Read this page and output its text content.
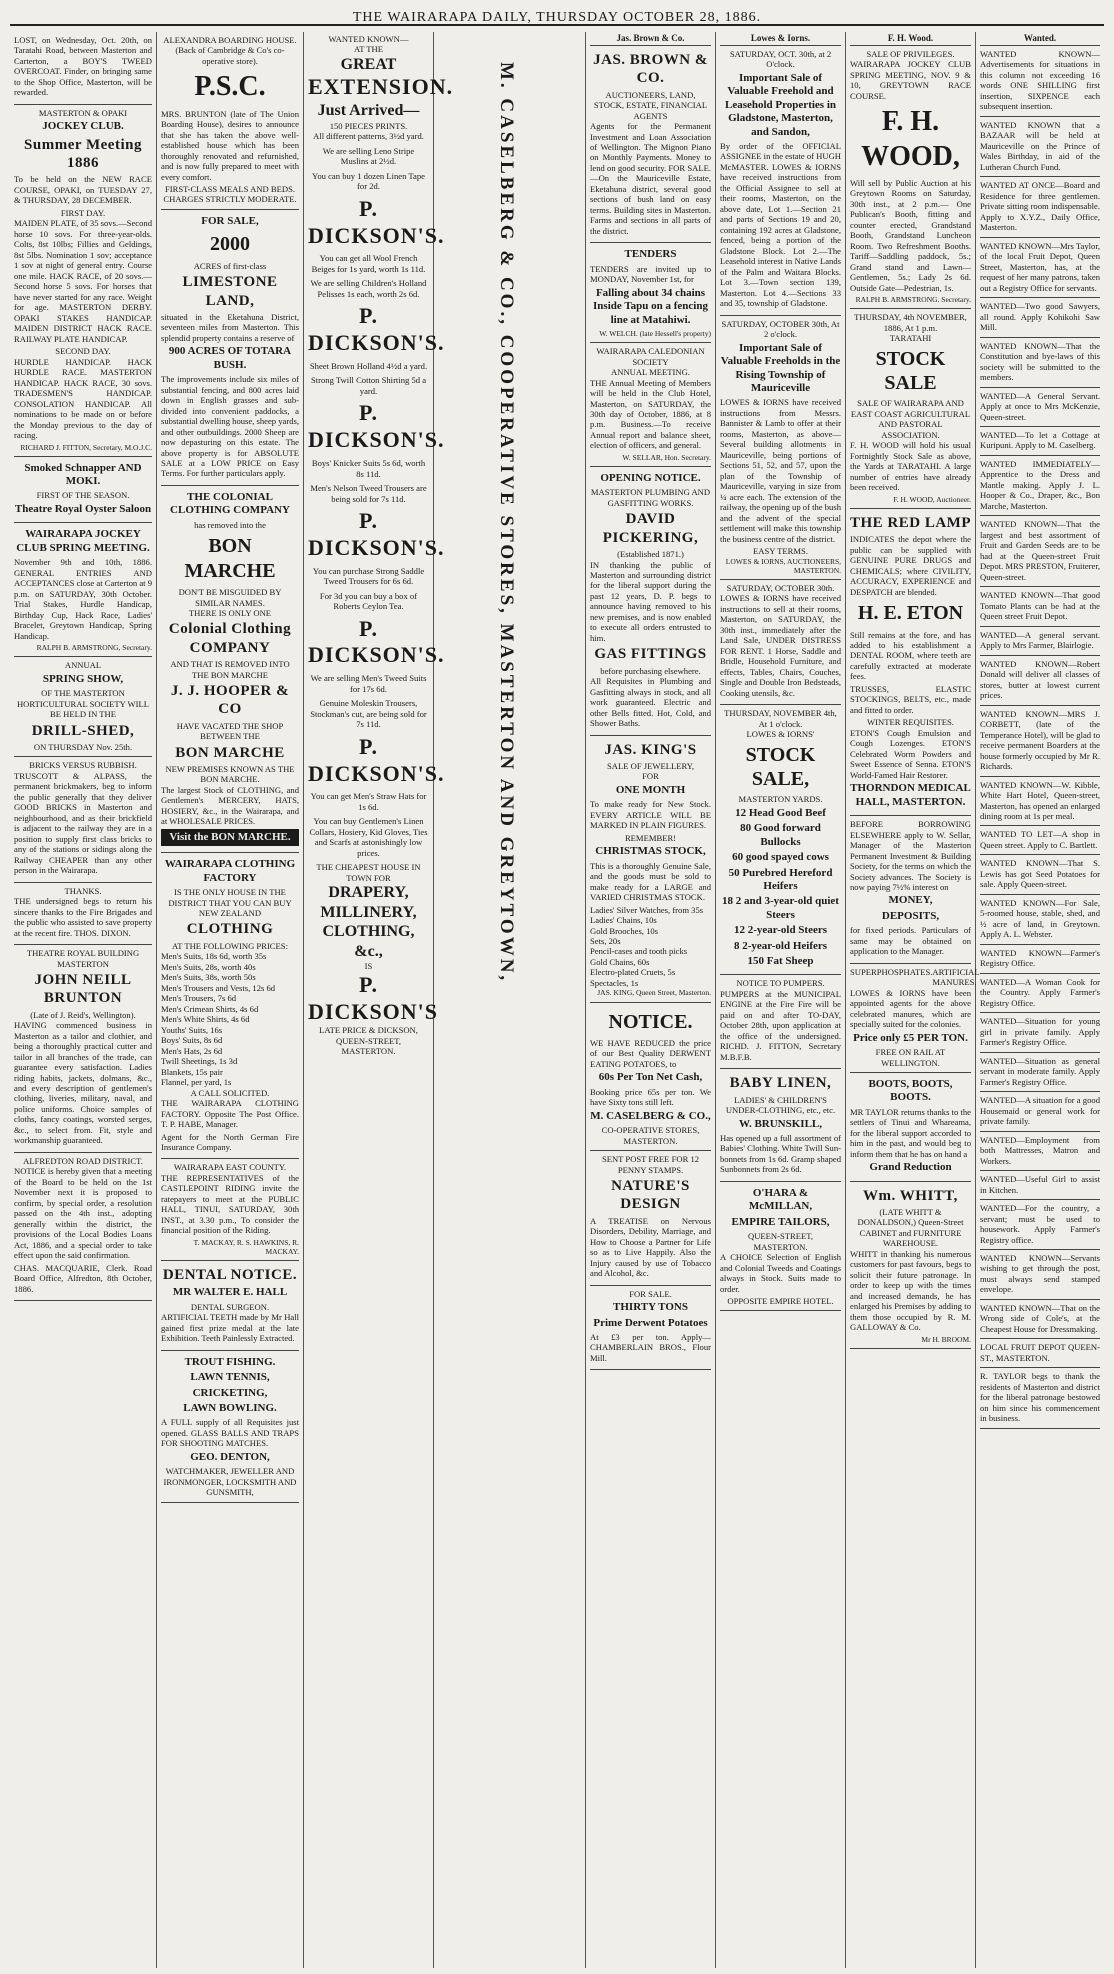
THE WAIRARAPA DAILY, THURSDAY OCTOBER 28, 1886.

LOST, on Wednesday, Oct. 20th, on Taratahi Road, between Masterton and Carterton, a BOY'S TWEED OVERCOAT. Finder, on bringing same to the Shop Office, Masterton, will be rewarded.

MASTERTON & OPAKI
JOCKEY CLUB.
Summer Meeting 1886

To be held on the NEW RACE COURSE, OPAKI, on TUESDAY 27, & THURSDAY, 28 DECEMBER.

FIRST DAY.

MAIDEN PLATE, of 35 sovs.—Second horse 10 sovs. For three-year-olds. Colts, 8st 10lbs; Fillies and Geldings, 8st 5lbs. Nomination 1 sov; acceptance 1 sov at night of general entry. Course one mile. HACK RACE, of 20 sovs.—Second horse 5 sovs. For horses that have never started for any race. Weight for age. MASTERTON DERBY. OPAKI STAKES HANDICAP. MAIDEN DISTRICT HACK RACE. RAILWAY PLATE HANDICAP.

SECOND DAY.

HURDLE HANDICAP. HACK HURDLE RACE. MASTERTON HANDICAP. HACK RACE, 30 sovs. TRADESMEN'S HANDICAP. CONSOLATION HANDICAP. All nominations to be made on or before the Monday previous to the day of racing.

RICHARD J. FITTON, Secretary, M.O.J.C.
Smoked Schnapper AND MOKI.
FIRST OF THE SEASON.
Theatre Royal Oyster Saloon
WAIRARAPA JOCKEY CLUB SPRING MEETING.

November 9th and 10th, 1886. GENERAL ENTRIES AND ACCEPTANCES close at Carterton at 9 p.m. on SATURDAY, 30th October. Trial Stakes, Hurdle Handicap, Birthday Cup, Hack Race, Ladies' Bracelet, Greytown Handicap, Spring Handicap.

RALPH B. ARMSTRONG, Secretary.
ANNUAL
SPRING SHOW,
OF THE MASTERTON HORTICULTURAL SOCIETY WILL BE HELD IN THE
DRILL-SHED,
ON THURSDAY Nov. 25th.
BRICKS VERSUS RUBBISH.

TRUSCOTT & ALPASS, the permanent brickmakers, beg to inform the public generally that they deliver GOOD BRICKS in Masterton and neighbourhood, and as their brickfield is adjacent to the railway they are in a position to supply first class bricks to any of the stations or sidings along the Railway CHEAPER than any other person in the Wairarapa.

THANKS.

THE undersigned begs to return his sincere thanks to the Fire Brigades and the public who assisted to save property at the recent fire. THOS. DIXON.

THEATRE ROYAL BUILDING MASTERTON
JOHN NEILL BRUNTON
(Late of J. Reid's, Wellington).

HAVING commenced business in Masterton as a tailor and clothier, and being a thoroughly practical cutter and tailor in all branches of the trade, can guarantee every satisfaction. Ladies riding habits, jackets, dolmans, &c., and every description of gentlemen's clothing, liveries, military, naval, and police uniforms. Choice samples of cloths, fancy coatings, worsted serges, &c., to select from. Fit, style and workmanship guaranteed.

ALFREDTON ROAD DISTRICT.

NOTICE is hereby given that a meeting of the Board to be held on the 1st November next it is proposed to confirm, by special order, a resolution passed on the 4th inst., adopting generally within the district, the provisions of the Local Bodies Loans Act, 1886, and a special order to take effect upon the said confirmation.

CHAS. MACQUARIE, Clerk. Road Board Office, Alfredton, 8th October, 1886.

ALEXANDRA BOARDING HOUSE.
(Back of Cambridge & Co's co-operative store).
P.S.C.

MRS. BRUNTON (late of The Union Boarding House), desires to announce that she has taken the above well-established house which has been thoroughly renovated and refurnished, and is now fully prepared to meet with every comfort.

FIRST-CLASS MEALS AND BEDS.
CHARGES STRICTLY MODERATE.
FOR SALE,
2000
ACRES of first-class
LIMESTONE LAND,

situated in the Eketahuna District, seventeen miles from Masterton. This splendid property contains a reserve of

900 ACRES OF TOTARA BUSH.

The improvements include six miles of substantial fencing, and 800 acres laid down in English grasses and sub-divided into convenient paddocks, a substantial dwelling house, sheep yards, and other outbuildings. 2000 Sheep are now depasturing on this estate. The above property is for ABSOLUTE SALE at a LOW PRICE on Easy Terms. For further particulars apply.

THE COLONIAL CLOTHING COMPANY
has removed into the
BON MARCHE
DON'T BE MISGUIDED BY SIMILAR NAMES.
THERE IS ONLY ONE
Colonial Clothing COMPANY
AND THAT IS REMOVED INTO THE BON MARCHE
J. J. HOOPER & CO
HAVE VACATED THE SHOP BETWEEN THE
BON MARCHE
NEW PREMISES KNOWN AS THE BON MARCHE.

The largest Stock of CLOTHING, and Gentlemen's MERCERY, HATS, HOSIERY, &c., in the Wairarapa, and at WHOLESALE PRICES.

Visit the BON MARCHE.
WAIRARAPA CLOTHING FACTORY
IS THE ONLY HOUSE IN THE DISTRICT THAT YOU CAN BUY NEW ZEALAND
CLOTHING
AT THE FOLLOWING PRICES:
Men's Suits, 18s 6d, worth 35s
Men's Suits, 28s, worth 40s
Men's Suits, 38s, worth 50s
Men's Trousers and Vests, 12s 6d
Men's Trousers, 7s 6d
Men's Crimean Shirts, 4s 6d
Men's White Shirts, 4s 6d
Youths' Suits, 16s
Boys' Suits, 8s 6d
Men's Hats, 2s 6d
Twill Sheetings, 1s 3d
Blankets, 15s pair
Flannel, per yard, 1s
A CALL SOLICITED.

THE WAIRARAPA CLOTHING FACTORY. Opposite The Post Office. T. P. HABE, Manager.

Agent for the North German Fire Insurance Company.

WAIRARAPA EAST COUNTY.

THE REPRESENTATIVES of the CASTLEPOINT RIDING invite the ratepayers to meet at the PUBLIC HALL, TINUI, SATURDAY, 30th INST., at 3.30 p.m., To consider the financial position of the Riding.

T. MACKAY, R. S. HAWKINS, R. MACKAY.
DENTAL NOTICE.
MR WALTER E. HALL
DENTAL SURGEON.

ARTIFICIAL TEETH made by Mr Hall gained first prize medal at the late Exhibition. Teeth Painlessly Extracted.

TROUT FISHING.
LAWN TENNIS,
CRICKETING,
LAWN BOWLING.

A FULL supply of all Requisites just opened. GLASS BALLS AND TRAPS FOR SHOOTING MATCHES.

GEO. DENTON,
WATCHMAKER, JEWELLER AND IRONMONGER, LOCKSMITH AND GUNSMITH,
WANTED KNOWN—
AT THE
GREAT
EXTENSION.
Just Arrived—
150 PIECES PRINTS.
All different patterns, 3½d yard.
We are selling Leno Stripe Muslins at 2½d.
You can buy 1 dozen Linen Tape for 2d.
P. DICKSON'S.
You can get all Wool French Beiges for 1s yard, worth 1s 11d.
We are selling Children's Holland Pelisses 1s each, worth 2s 6d.
P. DICKSON'S.
Sheet Brown Holland 4½d a yard.
Strong Twill Cotton Shirting 5d a yard.
P. DICKSON'S.
Boys' Knicker Suits 5s 6d, worth 8s 11d.
Men's Nelson Tweed Trousers are being sold for 7s 11d.
P. DICKSON'S.
You can purchase Strong Saddle Tweed Trousers for 6s 6d.
For 3d you can buy a box of Roberts Ceylon Tea.
P. DICKSON'S.
We are selling Men's Tweed Suits for 17s 6d.
Genuine Moleskin Trousers, Stockman's cut, are being sold for 7s 11d.
P. DICKSON'S.
You can get Men's Straw Hats for 1s 6d.
You can buy Gentlemen's Linen Collars, Hosiery, Kid Gloves, Ties and Scarfs at astonishingly low prices.
THE CHEAPEST HOUSE IN TOWN FOR
DRAPERY,
MILLINERY,
CLOTHING, &c.,
IS
P. DICKSON'S
LATE PRICE & DICKSON, QUEEN-STREET, MASTERTON.
M. CASELBERG & CO., COOPERATIVE STORES, MASTERTON AND GREYTOWN,
Jas. Brown & Co.
JAS. BROWN & CO.
AUCTIONEERS, LAND, STOCK, ESTATE, FINANCIAL AGENTS

Agents for the Permanent Investment and Loan Association of Wellington. The Mignon Piano on Monthly Payments. Money to lend on good security. FOR SALE.—On the Mauriceville Estate, Eketahuna district, several good sections of bush land on easy terms. Building sites in Masterton. Farms and sections in all parts of the district.

TENDERS

TENDERS are invited up to MONDAY, November 1st, for

Falling about 34 chains Inside Tapu on a fencing line at Matahiwi.
W. WELCH. (late Hessell's property)
WAIRARAPA CALEDONIAN SOCIETY
ANNUAL MEETING.

THE Annual Meeting of Members will be held in the Club Hotel, Masterton, on SATURDAY, the 30th day of October, 1886, at 8 p.m. Business.—To receive Annual report and balance sheet, election of officers, and general.

W. SELLAR, Hon. Secretary.
OPENING NOTICE.
MASTERTON PLUMBING AND GASFITTING WORKS.
DAVID PICKERING,
(Established 1871.)

IN thanking the public of Masterton and surrounding district for the liberal support during the past 12 years, D. P. begs to announce having removed to his new premises, and is now enabled to execute all orders entrusted to him.

GAS FITTINGS
before purchasing elsewhere.

All Requisites in Plumbing and Gasfitting always in stock, and all work guaranteed. Electric and other Bells fitted. Hot, Cold, and Shower Baths.

JAS. KING'S
SALE OF JEWELLERY,
FOR
ONE MONTH

To make ready for New Stock. EVERY ARTICLE WILL BE MARKED IN PLAIN FIGURES.

REMEMBER!
CHRISTMAS STOCK,

This is a thoroughly Genuine Sale, and the goods must be sold to make ready for a LARGE and VARIED CHRISTMAS STOCK.

Ladies' Silver Watches, from 35s
Ladies' Chains, 10s
Gold Brooches, 10s
Sets, 20s
Pencil-cases and tooth picks
Gold Chains, 60s
Electro-plated Cruets, 5s
Spectacles, 1s
JAS. KING, Queen Street, Masterton.
NOTICE.

WE HAVE REDUCED the price of our Best Quality DERWENT EATING POTATOES, to

60s Per Ton Net Cash,

Booking price 65s per ton. We have Sixty tons still left.

M. CASELBERG & CO.,
CO-OPERATIVE STORES, MASTERTON.
SENT POST FREE FOR 12 PENNY STAMPS.
NATURE'S DESIGN

A TREATISE on Nervous Disorders, Debility, Marriage, and How to Choose a Partner for Life so as to Live Happily. Also the Injury caused by use of Tobacco and Alcohol, &c.

FOR SALE.
THIRTY TONS
Prime Derwent Potatoes

At £3 per ton. Apply— CHAMBERLAIN BROS., Flour Mill.

Lowes & Iorns.
SATURDAY, OCT. 30th, at 2 O'clock.
Important Sale of Valuable Freehold and Leasehold Properties in Gladstone, Masterton, and Sandon,

By order of the OFFICIAL ASSIGNEE in the estate of HUGH McMASTER. LOWES & IORNS have received instructions from the Official Assignee to sell at their rooms, Masterton, on the above date, Lot 1.—Section 21 and parts of Sections 19 and 20, containing 192 acres at Gladstone, fenced, being a portion of the Gladstone Block. Lot 2.—The Leasehold interest in Native Lands of the Palm and Waitara Blocks. Lot 3.—Town section 139, Masterton. Lot 4.—Sections 33 and 35, township of Gladstone.

SATURDAY, OCTOBER 30th, At 2 o'clock.
Important Sale of Valuable Freeholds in the Rising Township of Mauriceville

LOWES & IORNS have received instructions from Messrs. Bannister & Lamb to offer at their rooms, Masterton, as above— Several building allotments in Mauriceville, being portions of Sections 51, 52, and 57, upon the plan of the Township of Mauriceville, varying in size from ¼ acre each. The extension of the railway, the opening up of the bush and the advent of the special settlement will make this township the business centre of the district.

EASY TERMS.
LOWES & IORNS, AUCTIONEERS, MASTERTON.
SATURDAY, OCTOBER 30th.

LOWES & IORNS have received instructions to sell at their rooms, Masterton, on SATURDAY, the 30th inst., immediately after the Land Sale, UNDER DISTRESS FOR RENT. 1 Horse, Saddle and Bridle, Household Furniture, and effects, Tables, Chairs, Couches, Single and Double Iron Bedsteads, Cooking utensils, &c.

THURSDAY, NOVEMBER 4th, At 1 o'clock.
LOWES & IORNS'
STOCK SALE,
MASTERTON YARDS.
12 Head Good Beef
80 Good forward Bullocks
60 good spayed cows
50 Purebred Hereford Heifers
18 2 and 3-year-old quiet Steers
12 2-year-old Steers
8 2-year-old Heifers
150 Fat Sheep
NOTICE TO PUMPERS.

PUMPERS at the MUNICIPAL ENGINE at the Fire Fire will be paid on and after TO-DAY, October 28th, upon application at the office of the undersigned. RICHD. J. FITTON, Secretary M.B.F.B.

BABY LINEN,
LADIES' & CHILDREN'S UNDER-CLOTHING, etc., etc.
W. BRUNSKILL,

Has opened up a full assortment of Babies' Clothing. White Twill Sun-bonnets from 1s 6d. Gramp shaped Sunbonnets from 2s 6d.

O'HARA & McMILLAN,
EMPIRE TAILORS,
QUEEN-STREET, MASTERTON.

A CHOICE Selection of English and Colonial Tweeds and Coatings always in Stock. Suits made to order.

OPPOSITE EMPIRE HOTEL.
F. H. Wood.
SALE OF PRIVILEGES.

WAIRARAPA JOCKEY CLUB SPRING MEETING, NOV. 9 & 10, GREYTOWN RACE COURSE.

F. H. WOOD,

Will sell by Public Auction at his Greytown Rooms on Saturday, 30th inst., at 2 p.m.— One Publican's Booth, fitting and counter erected, Grandstand Booth, Grandstand Luncheon Room. Two Refreshment Booths. Tariff—Saddling paddock, 5s.; Grand stand and Lawn—Gentlemen, 5s.; Lady 2s 6d. Outside Gate—Pedestrian, 1s.

RALPH B. ARMSTRONG. Secretary.
THURSDAY, 4th NOVEMBER, 1886, At 1 p.m.
TARATAHI
STOCK SALE
SALE OF WAIRARAPA AND EAST COAST AGRICULTURAL AND PASTORAL ASSOCIATION.

F. H. WOOD will hold his usual Fortnightly Stock Sale as above, the Yards at TARATAHI. A large number of entries have already been received.

F. H. WOOD, Auctioneer.
THE RED LAMP

INDICATES the depot where the public can be supplied with GENUINE PURE DRUGS and CHEMICALS; where CIVILITY, ACCURACY, EXPERIENCE and DESPATCH are blended.

H. E. ETON

Still remains at the fore, and has added to his establishment a DENTAL ROOM, where teeth are carefully extracted at moderate fees.

TRUSSES, ELASTIC STOCKINGS, BELTS, etc., made and fitted to order.

WINTER REQUISITES.

ETON'S Cough Emulsion and Cough Lozenges. ETON'S Celebrated Worm Powders and Sweet Essence of Senna. ETON'S World-Famed Hair Restorer.

THORNDON MEDICAL HALL, MASTERTON.

BEFORE BORROWING ELSEWHERE apply to W. Sellar, Manager of the Masterton Permanent Investment & Building Society, for the terms on which the Society advances. The Society is now paying 7½% interest on

MONEY,
DEPOSITS,

for fixed periods. Particulars of same may be obtained on application to the Manager.

SUPERPHOSPHATES. ARTIFICIAL MANURES.

LOWES & IORNS have been appointed agents for the above celebrated manures, which are specially suited for the colonies.

Price only £5 PER TON.
FREE ON RAIL AT WELLINGTON.
BOOTS, BOOTS, BOOTS.

MR TAYLOR returns thanks to the settlers of Tinui and Whareama, for the liberal support accorded to him in the past, and would beg to inform them that he has on hand a

Grand Reduction
Wm. WHITT,
(LATE WHITT & DONALDSON,) Queen-Street CABINET and FURNITURE WAREHOUSE.

WHITT in thanking his numerous customers for past favours, begs to solicit their future patronage. In order to keep up with the times and increased demands, he has enlarged his Premises by adding to them those occupied by R. M. GALLOWAY & Co.

Mr H. BROOM.
Wanted.
WANTED KNOWN—Advertisements for situations in this column not exceeding 16 words ONE SHILLING first insertion, SIXPENCE each subsequent insertion.
WANTED KNOWN that a BAZAAR will be held at Mauriceville on the Prince of Wales Birthday, in aid of the Lutheran Church Fund.
WANTED AT ONCE—Board and Residence for three gentlemen. Private sitting room indispensable. Apply to X.Y.Z., Daily Office, Masterton.
WANTED KNOWN—Mrs Taylor, of the local Fruit Depot, Queen Street, Masterton, has, at the request of her many patrons, taken out a Registry Office for servants.
WANTED—Two good Sawyers, all round. Apply Kohikohi Saw Mill.
WANTED KNOWN—That the Constitution and bye-laws of this society will be submitted to the members.
WANTED—A General Servant. Apply at once to Mrs McKenzie, Queen-street.
WANTED—To let a Cottage at Kuripuni. Apply to M. Caselberg.
WANTED IMMEDIATELY—Apprentice to the Dress and Mantle making. Apply J. L. Hooper & Co., Draper, &c., Bon Marche, Masterton.
WANTED KNOWN—That the largest and best assortment of Fruit and Garden Seeds are to be had at the Queen-street Fruit Depot. MRS PRESTON, Fruiterer, Queen-street.
WANTED KNOWN—That good Tomato Plants can be had at the Queen street Fruit Depot.
WANTED—A general servant. Apply to Mrs Farmer, Blairlogie.
WANTED KNOWN—Robert Donald will deliver all classes of stores, butter at lowest current prices.
WANTED KNOWN—MRS J. CORBETT, (late of the Temperance Hotel), will be glad to receive permanent Boarders at the house formerly occupied by Mr R. Richards.
WANTED KNOWN—W. Kibble, White Hart Hotel, Queen-street, Masterton, has opened an enlarged dining room at 1s per meal.
WANTED TO LET—A shop in Queen street. Apply to C. Bartlett.
WANTED KNOWN—That S. Lewis has got Seed Potatoes for sale. Apply Queen-street.
WANTED KNOWN—For Sale, 5-roomed house, stable, shed, and ½ acre of land, in Greytown. Apply A. L. Webster.
WANTED KNOWN—Farmer's Registry Office.
WANTED—A Woman Cook for the Country. Apply Farmer's Registry Office.
WANTED—Situation for young girl in private family. Apply Farmer's Registry Office.
WANTED—Situation as general servant in moderate family. Apply Farmer's Registry Office.
WANTED—A situation for a good Housemaid or general work for private family.
WANTED—Employment from both Mattresses, Matron and Workers.
WANTED—Useful Girl to assist in Kitchen.
WANTED—For the country, a servant; must be used to housework. Apply Farmer's Registry office.
WANTED KNOWN—Servants wishing to get through the post, must always send stamped envelope.
WANTED KNOWN—That on the Wrong side of Cole's, at the Cheapest House for Dressmaking.
LOCAL FRUIT DEPOT QUEEN-ST., MASTERTON.
R. TAYLOR begs to thank the residents of Masterton and district for the liberal patronage bestowed on him since his commencement in business.
